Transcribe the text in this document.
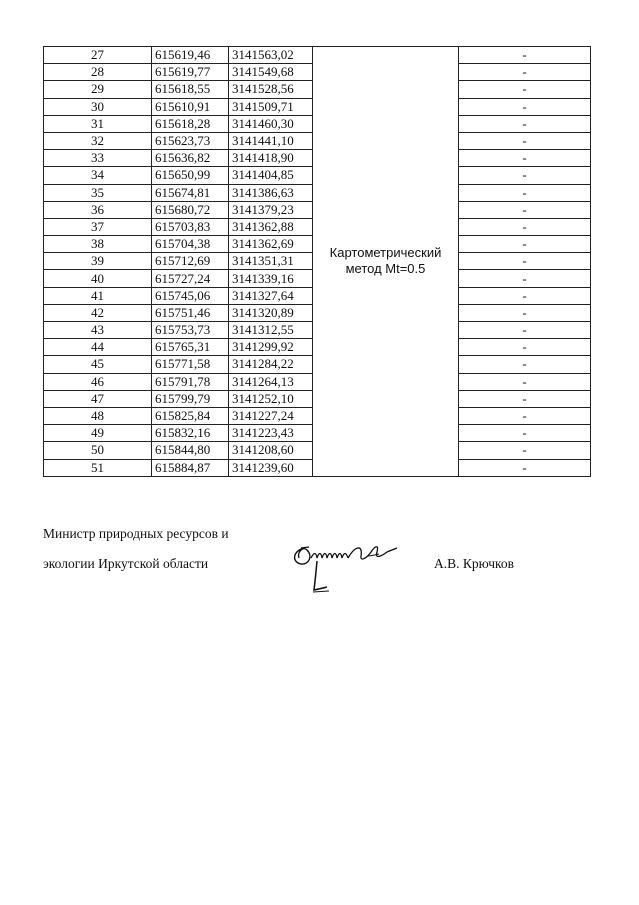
27	615619,46	3141563,02	Картометрический метод Mt=0.5	-
28	615619,77	3141549,68		-
29	615618,55	3141528,56		-
30	615610,91	3141509,71		-
31	615618,28	3141460,30		-
32	615623,73	3141441,10		-
33	615636,82	3141418,90		-
34	615650,99	3141404,85		-
35	615674,81	3141386,63		-
36	615680,72	3141379,23		-
37	615703,83	3141362,88		-
38	615704,38	3141362,69		-
39	615712,69	3141351,31		-
40	615727,24	3141339,16		-
41	615745,06	3141327,64		-
42	615751,46	3141320,89		-
43	615753,73	3141312,55		-
44	615765,31	3141299,92		-
45	615771,58	3141284,22		-
46	615791,78	3141264,13		-
47	615799,79	3141252,10		-
48	615825,84	3141227,24		-
49	615832,16	3141223,43		-
50	615844,80	3141208,60		-
51	615884,87	3141239,60		-
Министр природных ресурсов и
экологии Иркутской области	А.В. Крючков
